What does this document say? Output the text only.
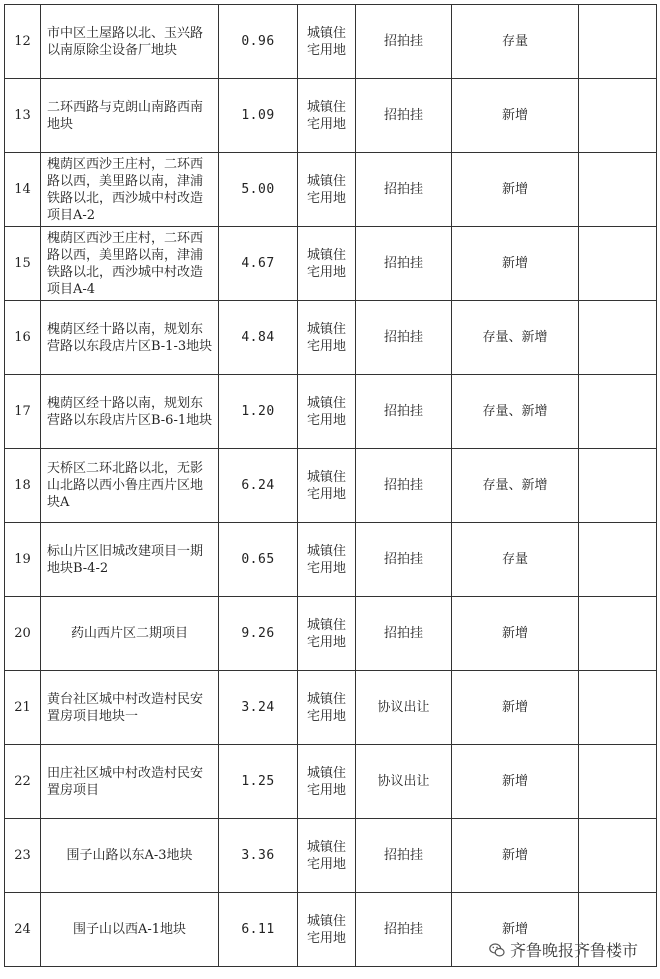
12	市中区土屋路以北、玉兴路以南原除尘设备厂地块	0.96	城镇住宅用地	招拍挂	存量	
13	二环西路与克朗山南路西南地块	1.09	城镇住宅用地	招拍挂	新增	
14	槐荫区西沙王庄村，二环西路以西，美里路以南，津浦铁路以北，西沙城中村改造项目A-2	5.00	城镇住宅用地	招拍挂	新增	
15	槐荫区西沙王庄村，二环西路以西，美里路以南，津浦铁路以北，西沙城中村改造项目A-4	4.67	城镇住宅用地	招拍挂	新增	
16	槐荫区经十路以南，规划东营路以东段店片区B-1-3地块	4.84	城镇住宅用地	招拍挂	存量、新增	
17	槐荫区经十路以南，规划东营路以东段店片区B-6-1地块	1.20	城镇住宅用地	招拍挂	存量、新增	
18	天桥区二环北路以北，无影山北路以西小鲁庄西片区地块A	6.24	城镇住宅用地	招拍挂	存量、新增	
19	标山片区旧城改建项目一期地块B-4-2	0.65	城镇住宅用地	招拍挂	存量	
20	药山西片区二期项目	9.26	城镇住宅用地	招拍挂	新增	
21	黄台社区城中村改造村民安置房项目地块一	3.24	城镇住宅用地	协议出让	新增	
22	田庄社区城中村改造村民安置房项目	1.25	城镇住宅用地	协议出让	新增	
23	围子山路以东A-3地块	3.36	城镇住宅用地	招拍挂	新增	
24	围子山以西A-1地块	6.11	城镇住宅用地	招拍挂	新增	
齐鲁晚报齐鲁楼市
